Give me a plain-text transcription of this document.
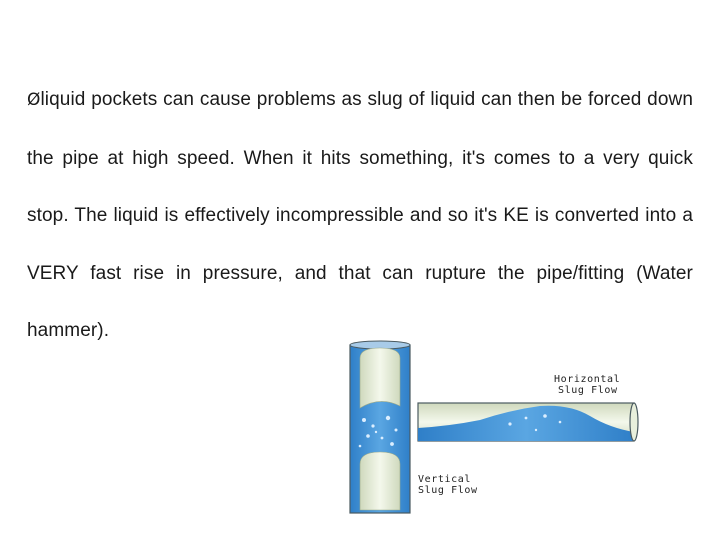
Øliquid pockets can cause problems as slug of liquid can then be forced down the pipe at high speed. When it hits something, it's comes to a very quick stop. The liquid is effectively incompressible and so it's KE is converted into a VERY fast rise in pressure, and that can rupture the pipe/fitting (Water hammer).

Horizontal
Slug Flow
Vertical
Slug Flow
